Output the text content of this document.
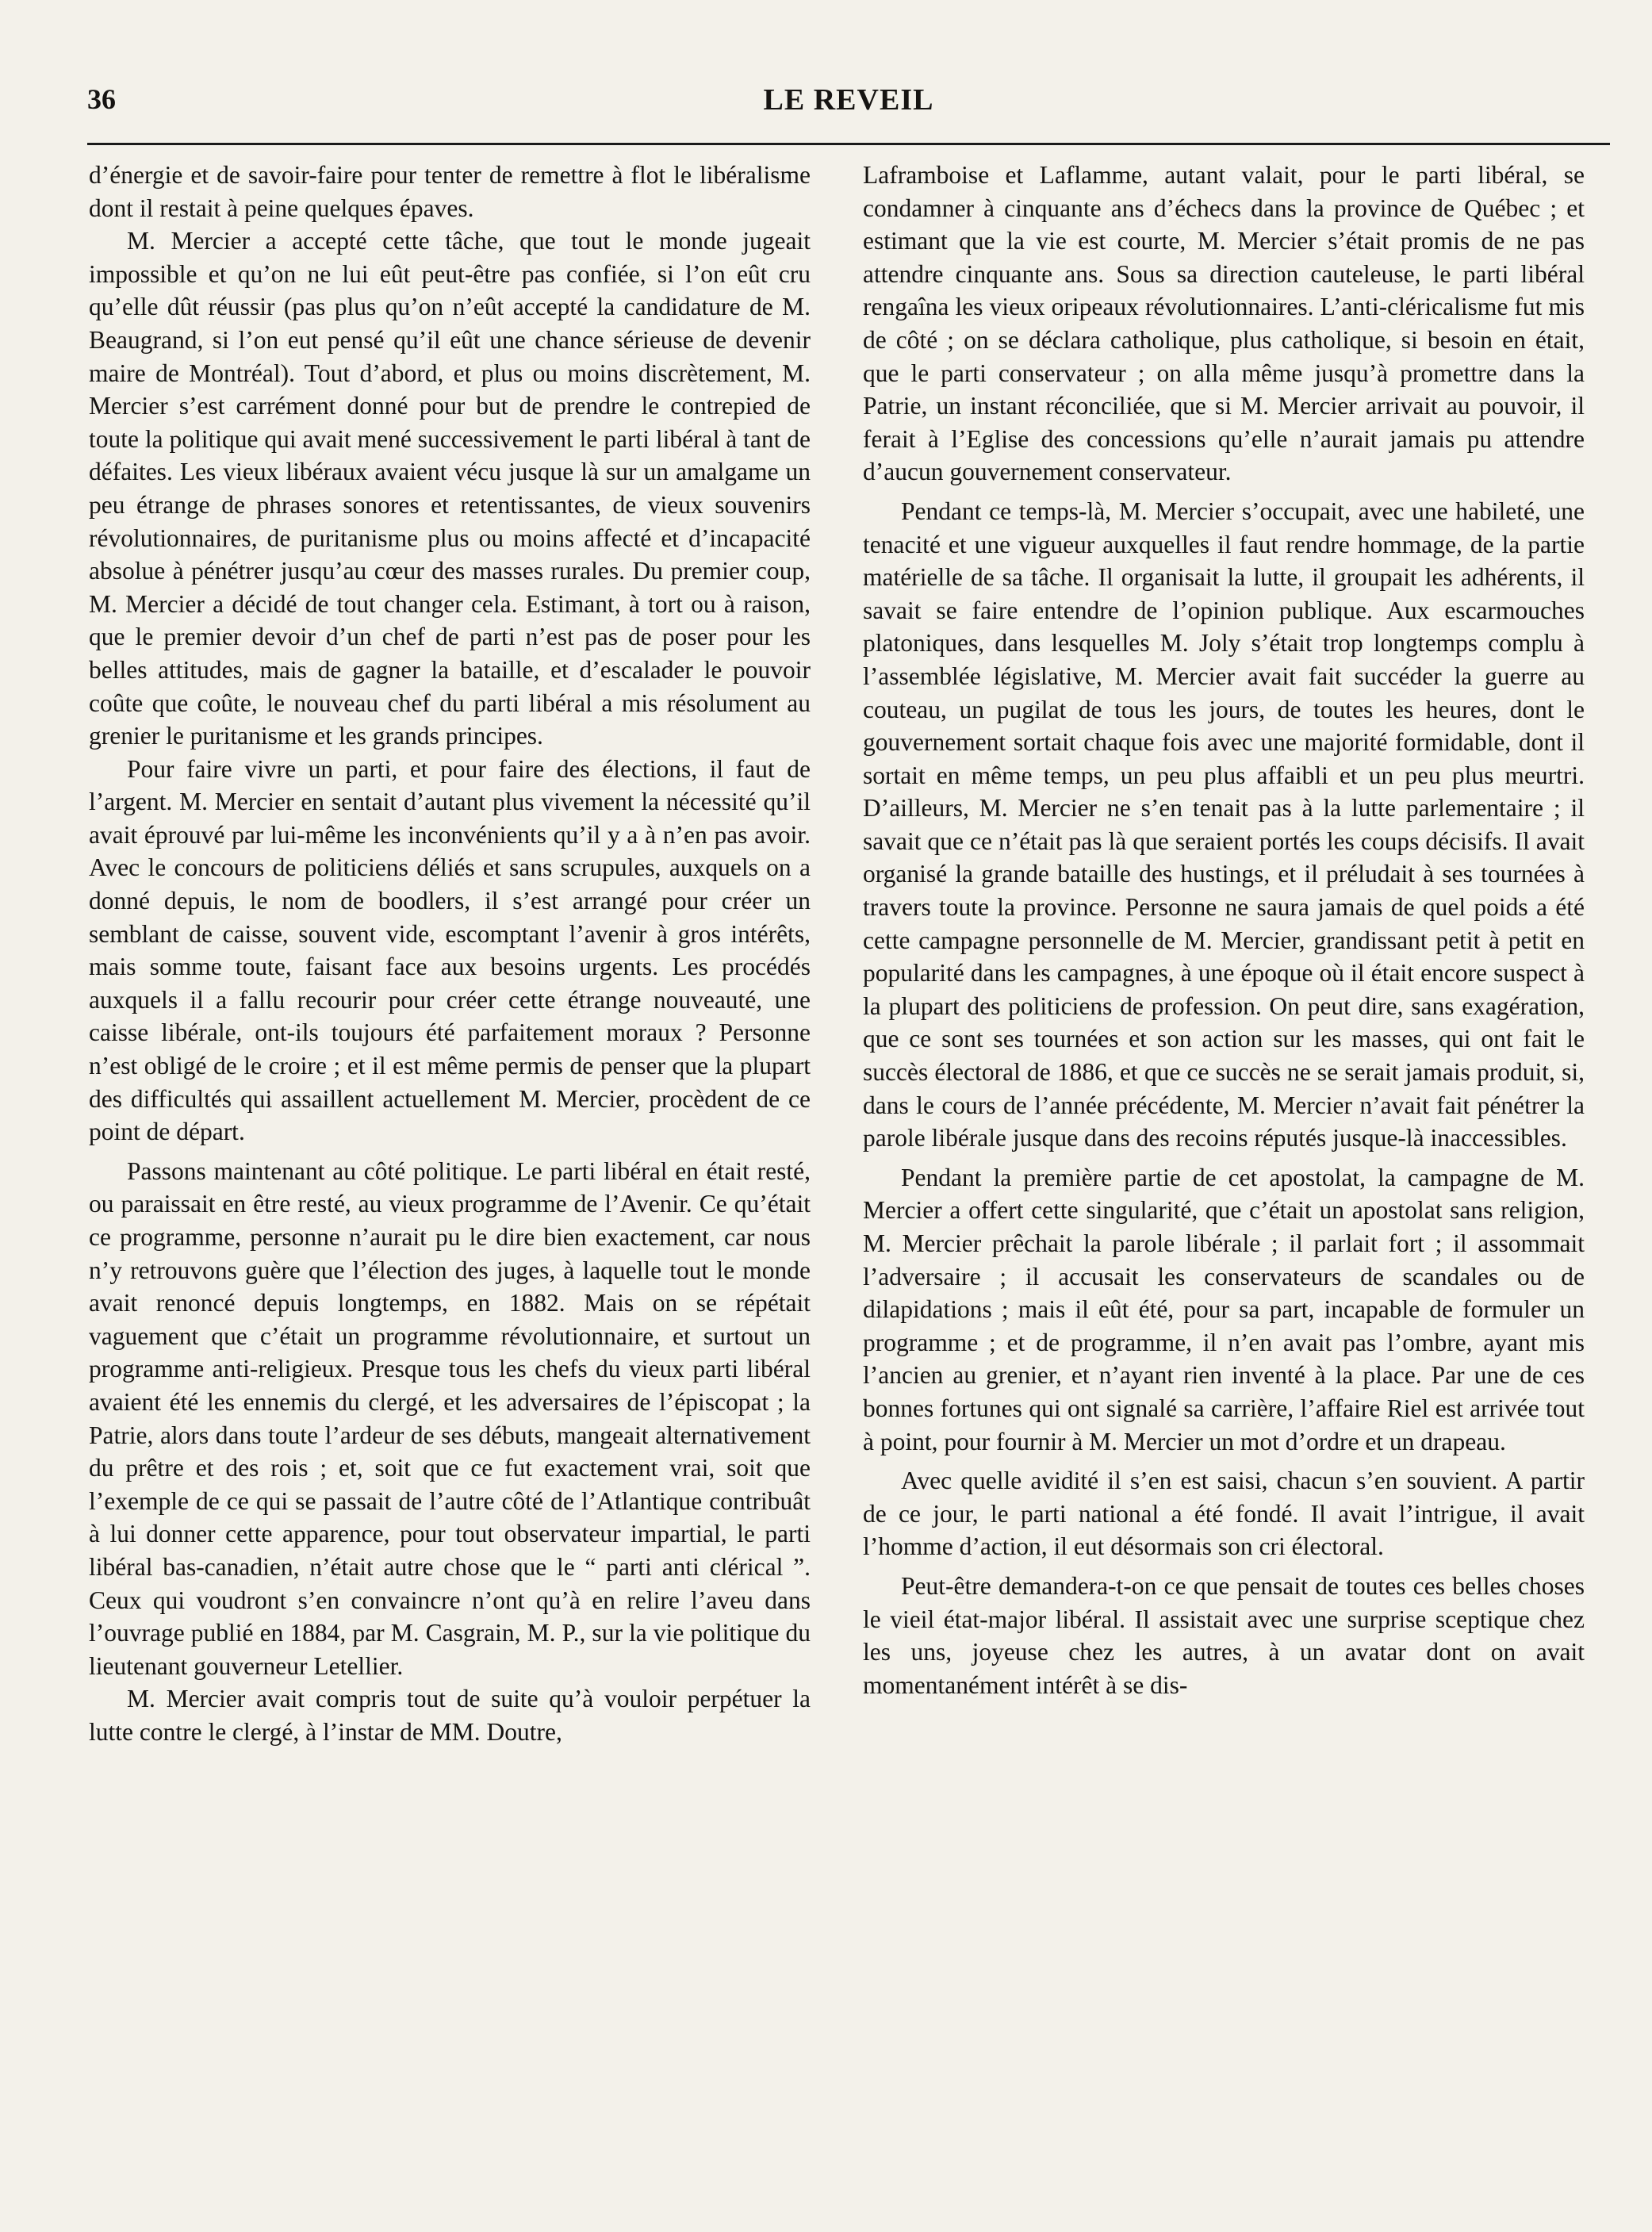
36	LE REVEIL

d’énergie et de savoir-faire pour tenter de remettre à flot le libéralisme dont il restait à peine quelques épaves.

M. Mercier a accepté cette tâche, que tout le monde jugeait impossible et qu’on ne lui eût peut-être pas confiée, si l’on eût cru qu’elle dût réussir (pas plus qu’on n’eût accepté la candidature de M. Beaugrand, si l’on eut pensé qu’il eût une chance sérieuse de devenir maire de Montréal). Tout d’abord, et plus ou moins discrètement, M. Mercier s’est carrément donné pour but de prendre le contrepied de toute la politique qui avait mené successivement le parti libéral à tant de défaites. Les vieux libéraux avaient vécu jusque là sur un amalgame un peu étrange de phrases sonores et retentissantes, de vieux souvenirs révolutionnaires, de puritanisme plus ou moins affecté et d’incapacité absolue à pénétrer jusqu’au cœur des masses rurales. Du premier coup, M. Mercier a décidé de tout changer cela. Estimant, à tort ou à raison, que le premier devoir d’un chef de parti n’est pas de poser pour les belles attitudes, mais de gagner la bataille, et d’escalader le pouvoir coûte que coûte, le nouveau chef du parti libéral a mis résolument au grenier le puritanisme et les grands principes.

Pour faire vivre un parti, et pour faire des élections, il faut de l’argent. M. Mercier en sentait d’autant plus vivement la nécessité qu’il avait éprouvé par lui-même les inconvénients qu’il y a à n’en pas avoir. Avec le concours de politiciens déliés et sans scrupules, auxquels on a donné depuis, le nom de boodlers, il s’est arrangé pour créer un semblant de caisse, souvent vide, escomptant l’avenir à gros intérêts, mais somme toute, faisant face aux besoins urgents. Les procédés auxquels il a fallu recourir pour créer cette étrange nouveauté, une caisse libérale, ont-ils toujours été parfaitement moraux ? Personne n’est obligé de le croire ; et il est même permis de penser que la plupart des difficultés qui assaillent actuellement M. Mercier, procèdent de ce point de départ.

Passons maintenant au côté politique. Le parti libéral en était resté, ou paraissait en être resté, au vieux programme de l’Avenir. Ce qu’était ce programme, personne n’aurait pu le dire bien exactement, car nous n’y retrouvons guère que l’élection des juges, à laquelle tout le monde avait renoncé depuis longtemps, en 1882. Mais on se répétait vaguement que c’était un programme révolutionnaire, et surtout un programme anti-religieux. Presque tous les chefs du vieux parti libéral avaient été les ennemis du clergé, et les adversaires de l’épiscopat ; la Patrie, alors dans toute l’ardeur de ses débuts, mangeait alternativement du prêtre et des rois ; et, soit que ce fut exactement vrai, soit que l’exemple de ce qui se passait de l’autre côté de l’Atlantique contribuât à lui donner cette apparence, pour tout observateur impartial, le parti libéral bas-canadien, n’était autre chose que le “ parti anti clérical ”. Ceux qui voudront s’en convaincre n’ont qu’à en relire l’aveu dans l’ouvrage publié en 1884, par M. Casgrain, M. P., sur la vie politique du lieutenant gouverneur Letellier.

M. Mercier avait compris tout de suite qu’à vouloir perpétuer la lutte contre le clergé, à l’instar de MM. Doutre,

Laframboise et Laflamme, autant valait, pour le parti libéral, se condamner à cinquante ans d’échecs dans la province de Québec ; et estimant que la vie est courte, M. Mercier s’était promis de ne pas attendre cinquante ans. Sous sa direction cauteleuse, le parti libéral rengaîna les vieux oripeaux révolutionnaires. L’anti-cléricalisme fut mis de côté ; on se déclara catholique, plus catholique, si besoin en était, que le parti conservateur ; on alla même jusqu’à promettre dans la Patrie, un instant réconciliée, que si M. Mercier arrivait au pouvoir, il ferait à l’Eglise des concessions qu’elle n’aurait jamais pu attendre d’aucun gouvernement conservateur.

Pendant ce temps-là, M. Mercier s’occupait, avec une habileté, une tenacité et une vigueur auxquelles il faut rendre hommage, de la partie matérielle de sa tâche. Il organisait la lutte, il groupait les adhérents, il savait se faire entendre de l’opinion publique. Aux escarmouches platoniques, dans lesquelles M. Joly s’était trop longtemps complu à l’assemblée législative, M. Mercier avait fait succéder la guerre au couteau, un pugilat de tous les jours, de toutes les heures, dont le gouvernement sortait chaque fois avec une majorité formidable, dont il sortait en même temps, un peu plus affaibli et un peu plus meurtri. D’ailleurs, M. Mercier ne s’en tenait pas à la lutte parlementaire ; il savait que ce n’était pas là que seraient portés les coups décisifs. Il avait organisé la grande bataille des hustings, et il préludait à ses tournées à travers toute la province. Personne ne saura jamais de quel poids a été cette campagne personnelle de M. Mercier, grandissant petit à petit en popularité dans les campagnes, à une époque où il était encore suspect à la plupart des politiciens de profession. On peut dire, sans exagération, que ce sont ses tournées et son action sur les masses, qui ont fait le succès électoral de 1886, et que ce succès ne se serait jamais produit, si, dans le cours de l’année précédente, M. Mercier n’avait fait pénétrer la parole libérale jusque dans des recoins réputés jusque-là inaccessibles.

Pendant la première partie de cet apostolat, la campagne de M. Mercier a offert cette singularité, que c’était un apostolat sans religion, M. Mercier prêchait la parole libérale ; il parlait fort ; il assommait l’adversaire ; il accusait les conservateurs de scandales ou de dilapidations ; mais il eût été, pour sa part, incapable de formuler un programme ; et de programme, il n’en avait pas l’ombre, ayant mis l’ancien au grenier, et n’ayant rien inventé à la place. Par une de ces bonnes fortunes qui ont signalé sa carrière, l’affaire Riel est arrivée tout à point, pour fournir à M. Mercier un mot d’ordre et un drapeau.

Avec quelle avidité il s’en est saisi, chacun s’en souvient. A partir de ce jour, le parti national a été fondé. Il avait l’intrigue, il avait l’homme d’action, il eut désormais son cri électoral.

Peut-être demandera-t-on ce que pensait de toutes ces belles choses le vieil état-major libéral. Il assistait avec une surprise sceptique chez les uns, joyeuse chez les autres, à un avatar dont on avait momentanément intérêt à se dis-
